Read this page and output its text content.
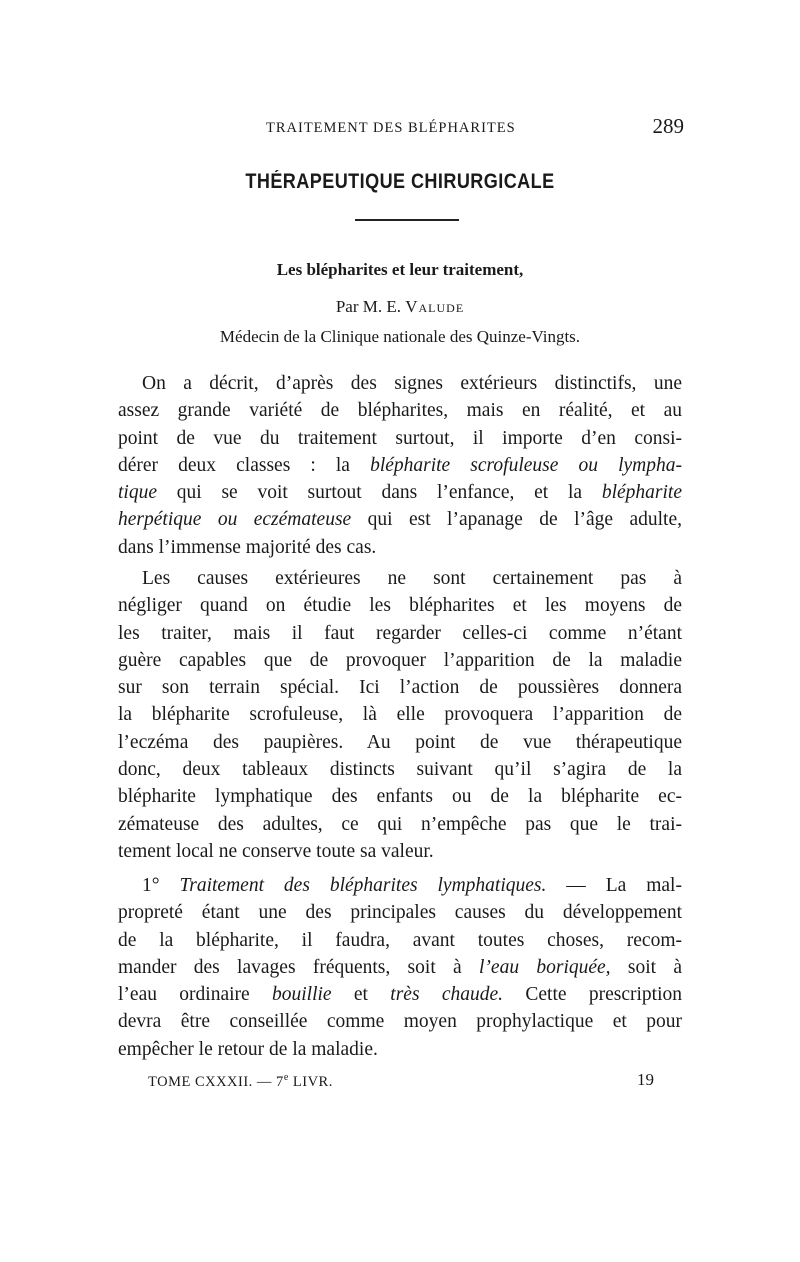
TRAITEMENT DES BLÉPHARITES	289
THÉRAPEUTIQUE CHIRURGICALE
Les blépharites et leur traitement,
Par M. E. Valude
Médecin de la Clinique nationale des Quinze-Vingts.
On a décrit, d’après des signes extérieurs distinctifs, une
assez grande variété de blépharites, mais en réalité, et au
point de vue du traitement surtout, il importe d’en consi-
dérer deux classes : la blépharite scrofuleuse ou lympha-
tique qui se voit surtout dans l’enfance, et la blépharite
herpétique ou eczémateuse qui est l’apanage de l’âge adulte,
dans l’immense majorité des cas.
Les causes extérieures ne sont certainement pas à
négliger quand on étudie les blépharites et les moyens de
les traiter, mais il faut regarder celles-ci comme n’étant
guère capables que de provoquer l’apparition de la maladie
sur son terrain spécial. Ici l’action de poussières donnera
la blépharite scrofuleuse, là elle provoquera l’apparition de
l’eczéma des paupières. Au point de vue thérapeutique
donc, deux tableaux distincts suivant qu’il s’agira de la
blépharite lymphatique des enfants ou de la blépharite ec-
zémateuse des adultes, ce qui n’empêche pas que le trai-
tement local ne conserve toute sa valeur.
1° Traitement des blépharites lymphatiques. — La mal-
propreté étant une des principales causes du développement
de la blépharite, il faudra, avant toutes choses, recom-
mander des lavages fréquents, soit à l’eau boriquée, soit à
l’eau ordinaire bouillie et très chaude. Cette prescription
devra être conseillée comme moyen prophylactique et pour
empêcher le retour de la maladie.
TOME CXXXII. — 7e LIVR.	19
